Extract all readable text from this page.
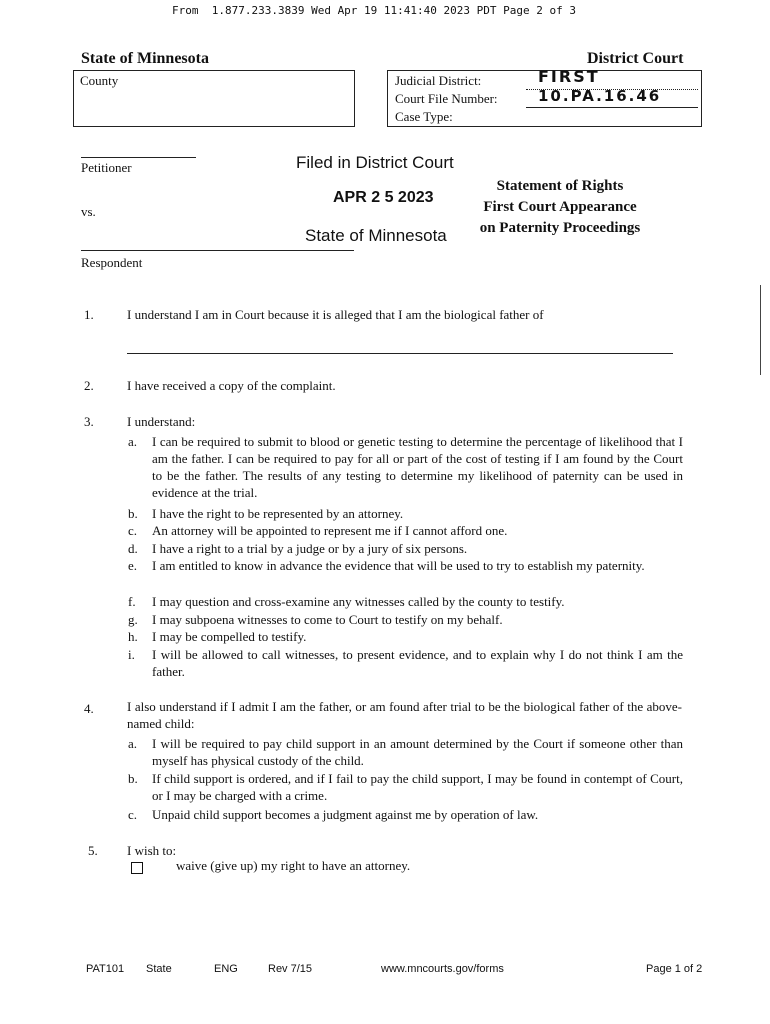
From  1.877.233.3839 Wed Apr 19 11:41:40 2023 PDT Page 2 of 3
State of Minnesota	District Court
County	Judicial District:	FIRST
Court File Number:	10.PA.16.46
Case Type:
Petitioner
vs.
Respondent
Filed in District Court
APR 2 5 2023
State of Minnesota
Statement of Rights
First Court Appearance
on Paternity Proceedings
1.	I understand I am in Court because it is alleged that I am the biological father of
2.	I have received a copy of the complaint.
3.	I understand:
a. I can be required to submit to blood or genetic testing to determine the percentage of likelihood that I am the father. I can be required to pay for all or part of the cost of testing if I am found by the Court to be the father. The results of any testing to determine my likelihood of paternity can be used in evidence at the trial.
b. I have the right to be represented by an attorney.
c. An attorney will be appointed to represent me if I cannot afford one.
d. I have a right to a trial by a judge or by a jury of six persons.
e. I am entitled to know in advance the evidence that will be used to try to establish my paternity.
f. I may question and cross-examine any witnesses called by the county to testify.
g. I may subpoena witnesses to come to Court to testify on my behalf.
h. I may be compelled to testify.
i. I will be allowed to call witnesses, to present evidence, and to explain why I do not think I am the father.
4.	I also understand if I admit I am the father, or am found after trial to be the biological father of the above-named child:
a. I will be required to pay child support in an amount determined by the Court if someone other than myself has physical custody of the child.
b. If child support is ordered, and if I fail to pay the child support, I may be found in contempt of Court, or I may be charged with a crime.
c. Unpaid child support becomes a judgment against me by operation of law.
5. I wish to:
waive (give up) my right to have an attorney.
PAT101 State	ENG	Rev 7/15	www.mncourts.gov/forms	Page 1 of 2
